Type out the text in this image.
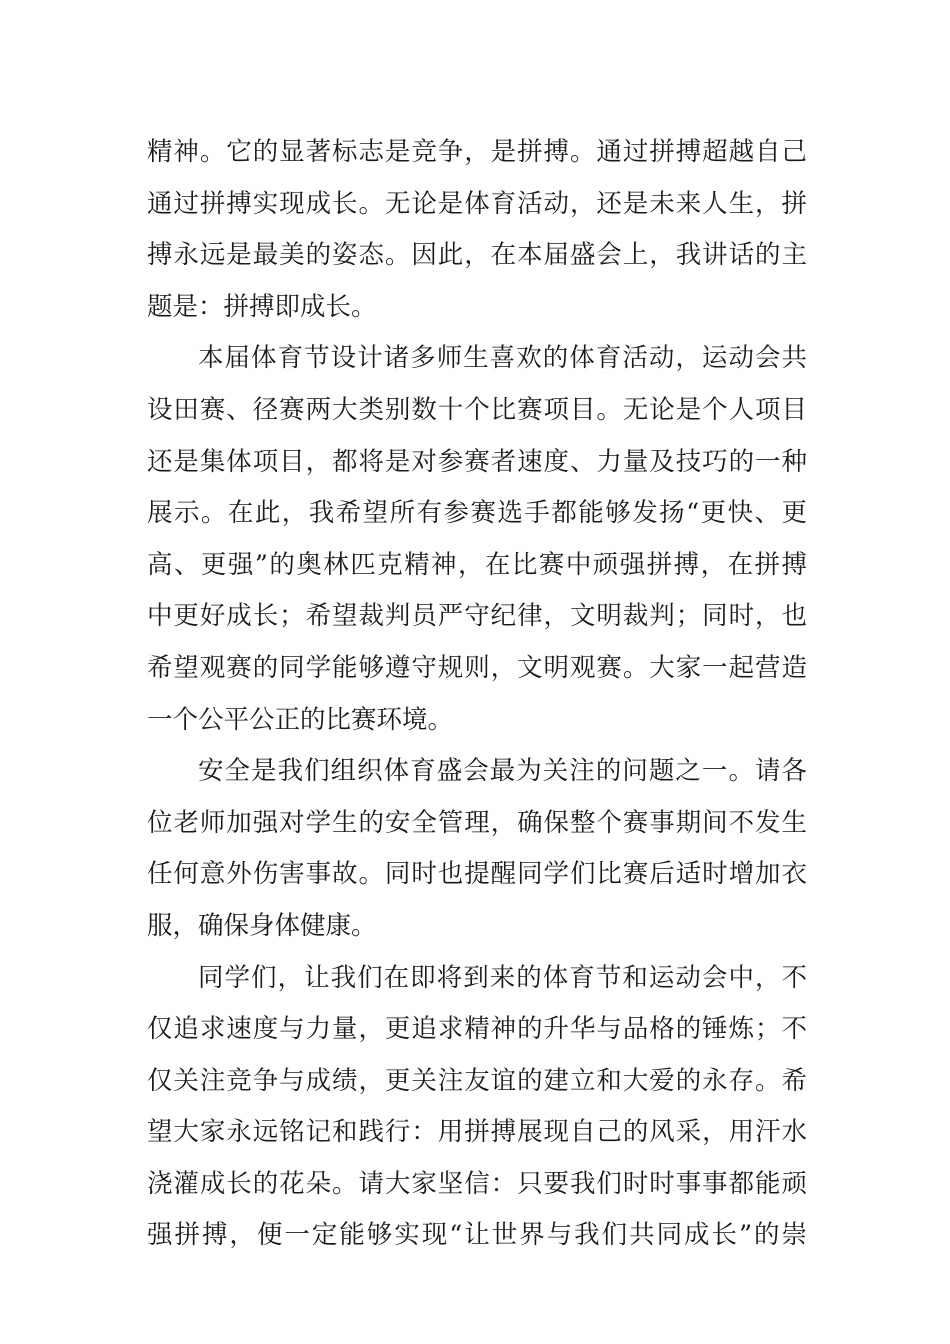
精神。它的显著标志是竞争，是拼搏。通过拼搏超越自己
通过拼搏实现成长。无论是体育活动，还是未来人生，拼
搏永远是最美的姿态。因此，在本届盛会上，我讲话的主
题是：拼搏即成长。
本届体育节设计诸多师生喜欢的体育活动，运动会共
设田赛、径赛两大类别数十个比赛项目。无论是个人项目
还是集体项目，都将是对参赛者速度、力量及技巧的一种
展示。在此，我希望所有参赛选手都能够发扬“更快、更
高、更强”的奥林匹克精神，在比赛中顽强拼搏，在拼搏
中更好成长；希望裁判员严守纪律，文明裁判；同时，也
希望观赛的同学能够遵守规则，文明观赛。大家一起营造
一个公平公正的比赛环境。
安全是我们组织体育盛会最为关注的问题之一。请各
位老师加强对学生的安全管理，确保整个赛事期间不发生
任何意外伤害事故。同时也提醒同学们比赛后适时增加衣
服，确保身体健康。
同学们，让我们在即将到来的体育节和运动会中，不
仅追求速度与力量，更追求精神的升华与品格的锤炼；不
仅关注竞争与成绩，更关注友谊的建立和大爱的永存。希
望大家永远铭记和践行：用拼搏展现自己的风采，用汗水
浇灌成长的花朵。请大家坚信：只要我们时时事事都能顽
强拼搏，便一定能够实现“让世界与我们共同成长”的崇
